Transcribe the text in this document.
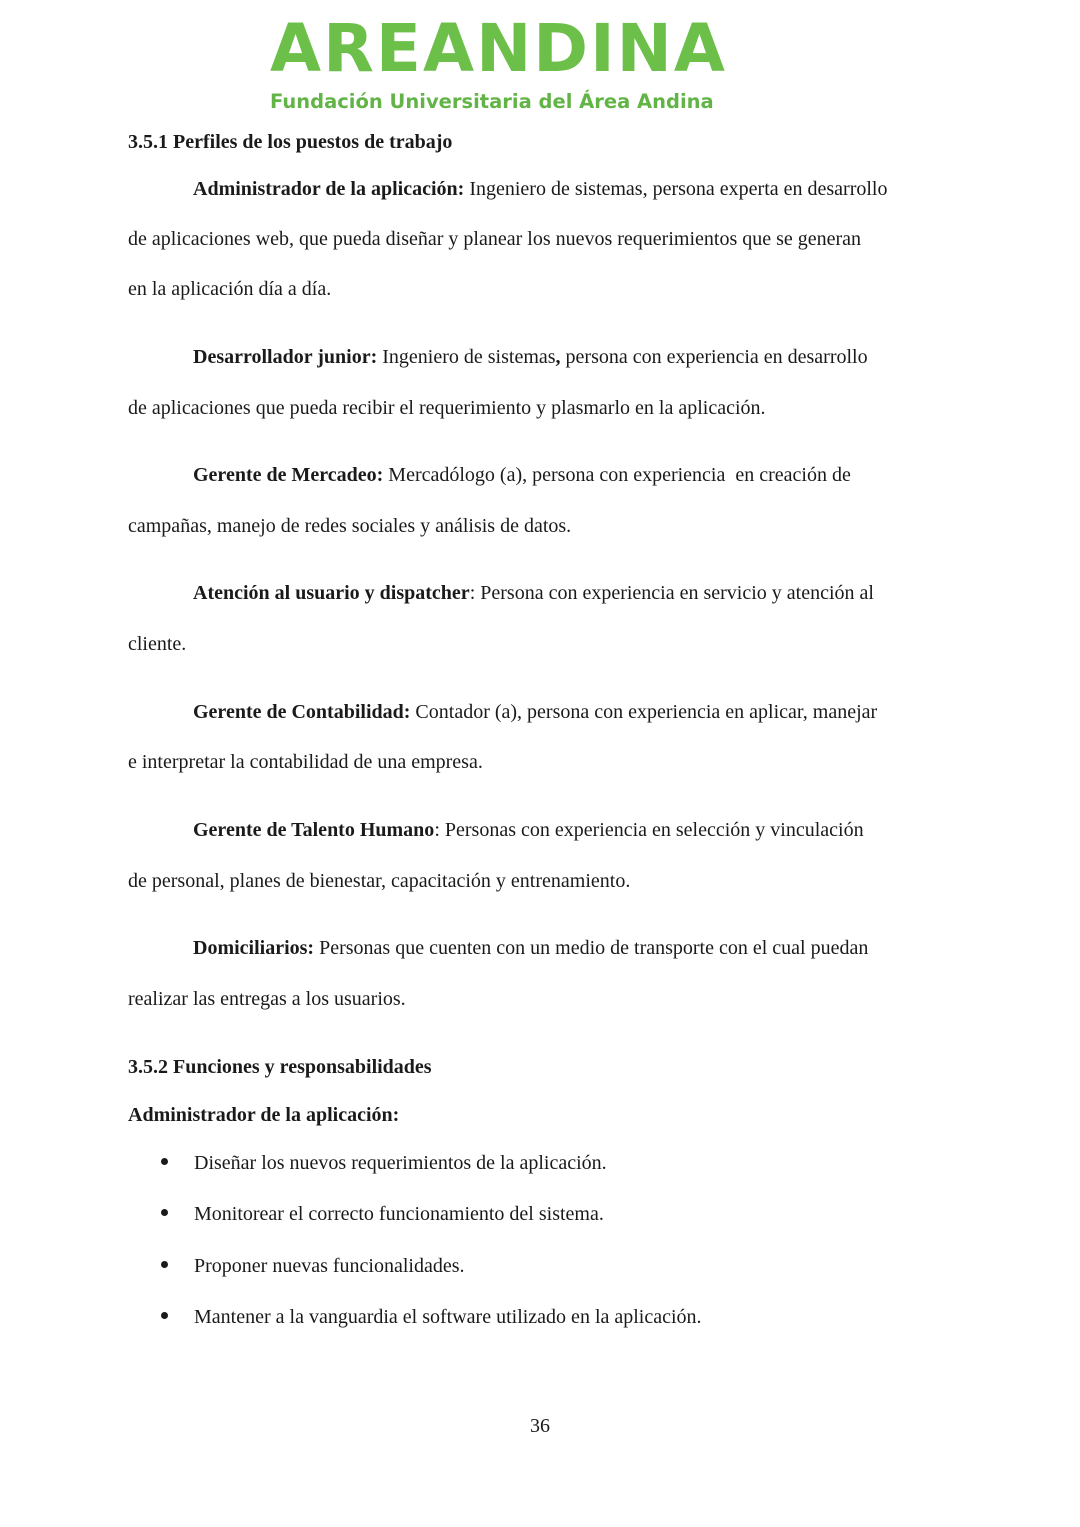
AREANDINA
Fundación Universitaria del Área Andina
3.5.1 Perfiles de los puestos de trabajo
Administrador de la aplicación: Ingeniero de sistemas, persona experta en desarrollo
de aplicaciones web, que pueda diseñar y planear los nuevos requerimientos que se generan
en la aplicación día a día.
Desarrollador junior: Ingeniero de sistemas, persona con experiencia en desarrollo
de aplicaciones que pueda recibir el requerimiento y plasmarlo en la aplicación.
Gerente de Mercadeo: Mercadólogo (a), persona con experiencia  en creación de
campañas, manejo de redes sociales y análisis de datos.
Atención al usuario y dispatcher: Persona con experiencia en servicio y atención al
cliente.
Gerente de Contabilidad: Contador (a), persona con experiencia en aplicar, manejar
e interpretar la contabilidad de una empresa.
Gerente de Talento Humano: Personas con experiencia en selección y vinculación
de personal, planes de bienestar, capacitación y entrenamiento.
Domiciliarios: Personas que cuenten con un medio de transporte con el cual puedan
realizar las entregas a los usuarios.
3.5.2 Funciones y responsabilidades
Administrador de la aplicación:
Diseñar los nuevos requerimientos de la aplicación.
Monitorear el correcto funcionamiento del sistema.
Proponer nuevas funcionalidades.
Mantener a la vanguardia el software utilizado en la aplicación.
36
